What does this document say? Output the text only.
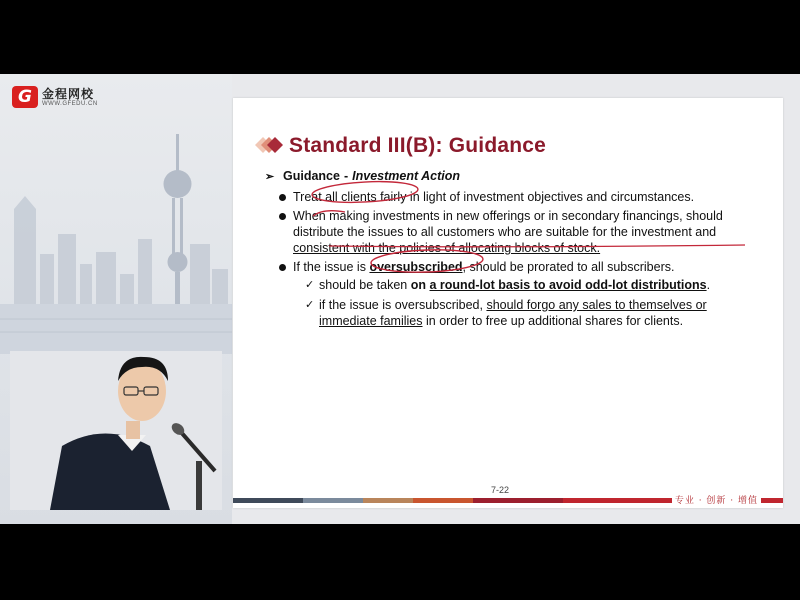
G 金程网校
WWW.GFEDU.CN
Standard III(B): Guidance
➢ Guidance - Investment Action
Treat all clients fairly in light of investment objectives and circumstances.
When making investments in new offerings or in secondary financings, should distribute the issues to all customers who are suitable for the investment and consistent with the policies of allocating blocks of stock.
If the issue is oversubscribed, should be prorated to all subscribers.
✓ should be taken on a round-lot basis to avoid odd-lot distributions.
✓ if the issue is oversubscribed, should forgo any sales to themselves or immediate families in order to free up additional shares for clients.
7-22
专业 · 创新 · 增值
